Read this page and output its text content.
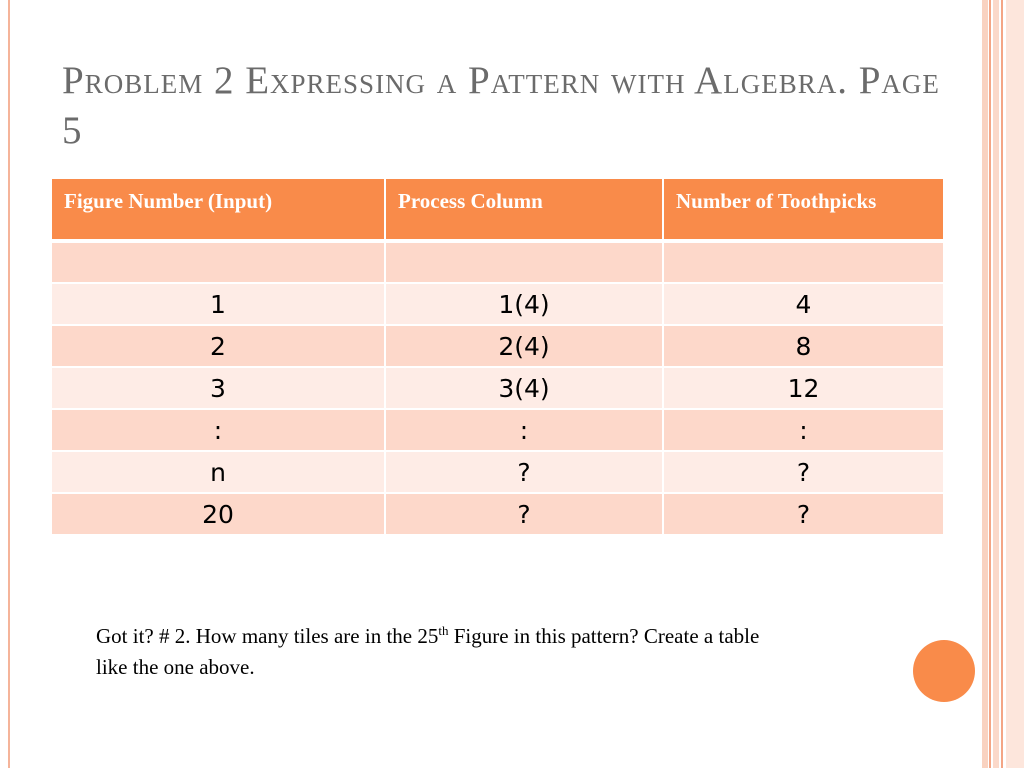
Problem 2 Expressing a Pattern with Algebra. Page 5
Figure Number (Input)	Process Column	Number of Toothpicks

1	1(4)	4
2	2(4)	8
3	3(4)	12
:	:	:
n	?	?
20	?	?
Got it? # 2. How many tiles are in the 25th Figure in this pattern? Create a table like the one above.
